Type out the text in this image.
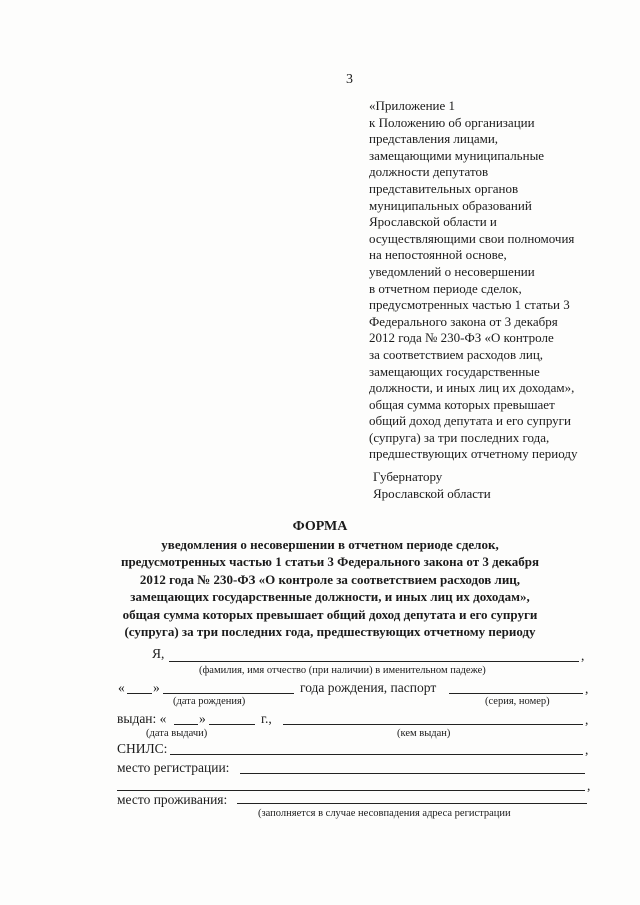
3
«Приложение 1
к Положению об организации
представления лицами,
замещающими муниципальные
должности депутатов
представительных органов
муниципальных образований
Ярославской области и
осуществляющими свои полномочия
на непостоянной основе,
уведомлений о несовершении
в отчетном периоде сделок,
предусмотренных частью 1 статьи 3
Федерального закона от 3 декабря
2012 года № 230-ФЗ «О контроле
за соответствием расходов лиц,
замещающих государственные
должности, и иных лиц их доходам»,
общая сумма которых превышает
общий доход депутата и его супруги
(супруга) за три последних года,
предшествующих отчетному периоду
Губернатору
Ярославской области
ФОРМА
уведомления о несовершении в отчетном периоде сделок,
предусмотренных частью 1 статьи 3 Федерального закона от 3 декабря
2012 года № 230-ФЗ «О контроле за соответствием расходов лиц,
замещающих государственные должности, и иных лиц их доходам»,
общая сумма которых превышает общий доход депутата и его супруги
(супруга) за три последних года, предшествующих отчетному периоду
Я,	,
(фамилия, имя отчество (при наличии) в именительном падеже)
« »	года рождения, паспорт	,
(дата рождения)	(серия, номер)
выдан: « »	г.,	,
(дата выдачи)	(кем выдан)
СНИЛС:	,
место регистрации:
,
место проживания:
(заполняется в случае несовпадения адреса регистрации
